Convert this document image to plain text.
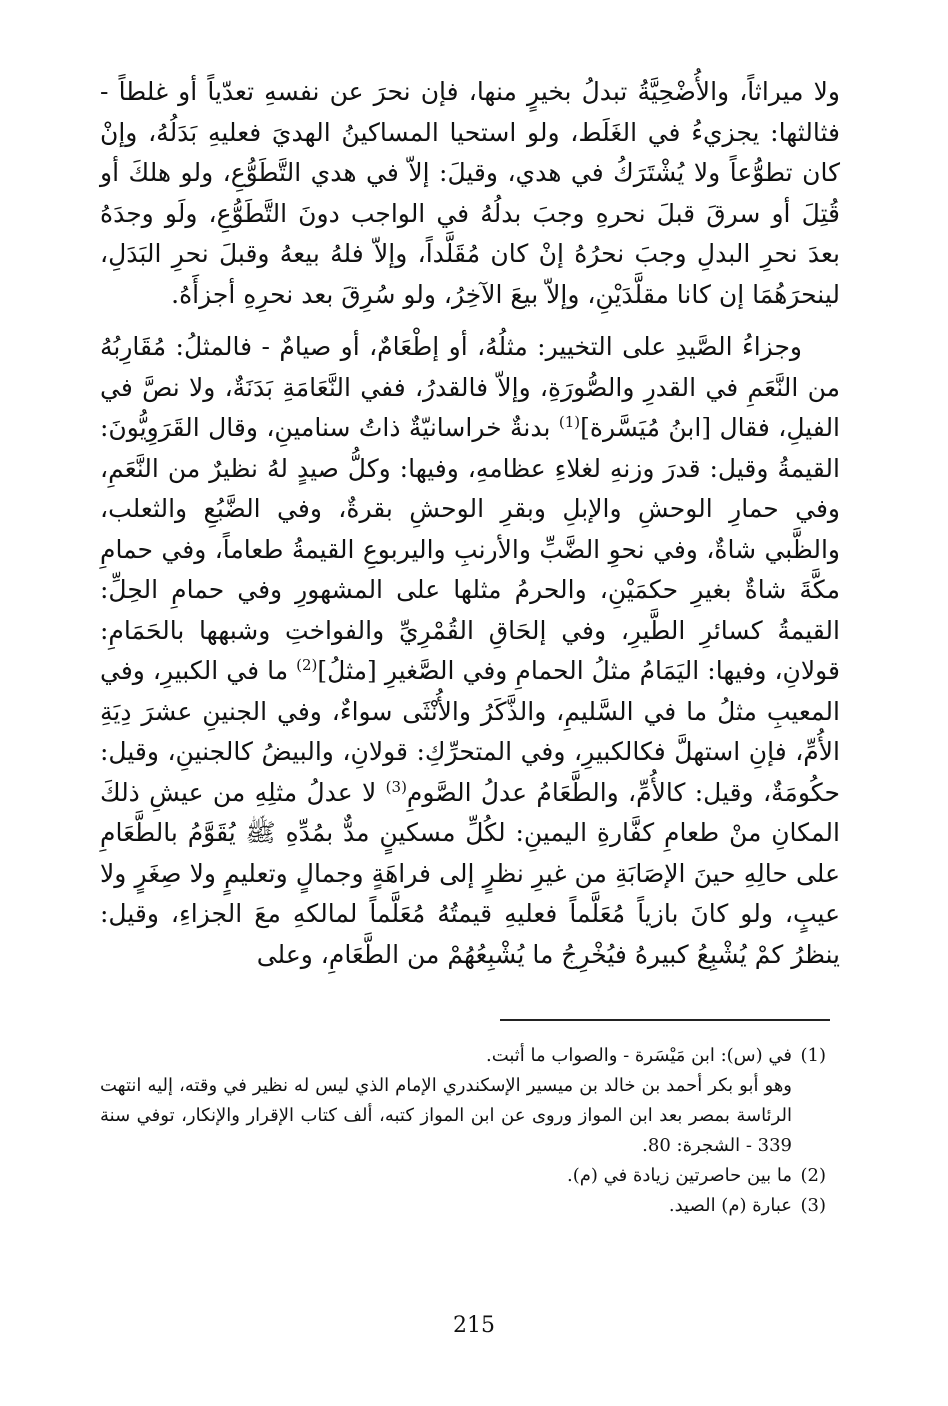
ولا ميراثاً، والأُضْحِيَّةُ تبدلُ بخيرٍ منها، فإن نحرَ عن نفسهِ تعدّياً أو غلطاً - فثالثها: يجزيءُ في الغَلَط، ولو استحيا المساكينُ الهديَ فعليهِ بَدَلُهُ، وإنْ كان تطوُّعاً ولا يُشْتَرَكُ في هدي، وقيلَ: إلاّ في هدي التَّطَوُّعِ، ولو هلكَ أو قُتِلَ أو سرقَ قبلَ نحرهِ وجبَ بدلُهُ في الواجب دونَ التَّطَوُّعِ، ولَو وجدَهُ بعدَ نحرِ البدلِ وجبَ نحرُهُ إنْ كان مُقَلَّداً، وإلاّ فلهُ بيعهُ وقبلَ نحرِ البَدَلِ، لينحرَهُمَا إن كانا مقلَّدَيْنِ، وإلاّ بيعَ الآخِرُ، ولو سُرِقَ بعد نحرِهِ أجزأَهُ.

وجزاءُ الصَّيدِ على التخيير: مثلُهُ، أو إطْعَامٌ، أو صيامٌ - فالمثلُ: مُقَارِبُهُ من النَّعَمِ في القدرِ والصُّورَةِ، وإلاّ فالقدرُ، ففي النَّعَامَةِ بَدَنَةٌ، ولا نصَّ في الفيلِ، فقال [ابنُ مُيَسَّرة]$^{(1)}$ بدنةٌ خراسانيّةٌ ذاتُ سنامينِ، وقال القَرَوِيُّونَ: القيمةُ وقيل: قدرَ وزنهِ لغلاءِ عظامهِ، وفيها: وكلُّ صيدٍ لهُ نظيرٌ من النَّعَمِ، وفي حمارِ الوحشِ والإبلِ وبقرِ الوحشِ بقرةٌ، وفي الضَّبُعِ والثعلب، والظَّبي شاةٌ، وفي نحوِ الضَّبِّ والأرنبِ واليربوعِ القيمةُ طعاماً، وفي حمامِ مكَّةَ شاةٌ بغيرِ حكمَيْنِ، والحرمُ مثلها على المشهورِ وفي حمامِ الحِلِّ: القيمةُ كسائرِ الطَّيرِ، وفي إلحَاقِ القُمْرِيِّ والفواختِ وشبهها بالحَمَامِ: قولانِ، وفيها: اليَمَامُ مثلُ الحمامِ وفي الصَّغيرِ [مثلُ]$^{(2)}$ ما في الكبيرِ، وفي المعيبِ مثلُ ما في السَّليمِ، والذَّكَرُ والأُنْثَى سواءٌ، وفي الجنينِ عشرَ دِيَةِ الأُمِّ، فإنِ استهلَّ فكالكبيرِ، وفي المتحرِّكِ: قولانِ، والبيضُ كالجنينِ، وقيل: حكُومَةٌ، وقيل: كالأُمِّ، والطَّعَامُ عدلُ الصَّومِ$^{(3)}$ لا عدلُ مثلِهِ من عيشِ ذلكَ المكانِ منْ طعامِ كفَّارةِ اليمينِ: لكُلِّ مسكينٍ مدٌّ بمُدِّهِ ﷺ يُقَوَّمُ بالطَّعَامِ على حالِهِ حينَ الإصَابَةِ من غيرِ نظرٍ إلى فراهَةٍ وجمالٍ وتعليمٍ ولا صِغَرٍ ولا عيبٍ، ولو كانَ بازياً مُعَلَّماً فعليهِ قيمتُهُ مُعَلَّماً لمالكهِ معَ الجزاءِ، وقيل: ينظرُ كمْ يُشْبِعُ كبيرهُ فيُخْرِجُ ما يُشْبِعُهُمْ من الطَّعَامِ، وعلى

(1)
في (س): ابن مَيْسَرة - والصواب ما أثبت.
وهو أبو بكر أحمد بن خالد بن ميسير الإسكندري الإمام الذي ليس له نظير في وقته، إليه انتهت الرئاسة بمصر بعد ابن المواز وروى عن ابن المواز كتبه، ألف كتاب الإقرار والإنكار، توفي سنة 339 - الشجرة: 80.
(2)
ما بين حاصرتين زيادة في (م).
(3)
عبارة (م) الصيد.
215
